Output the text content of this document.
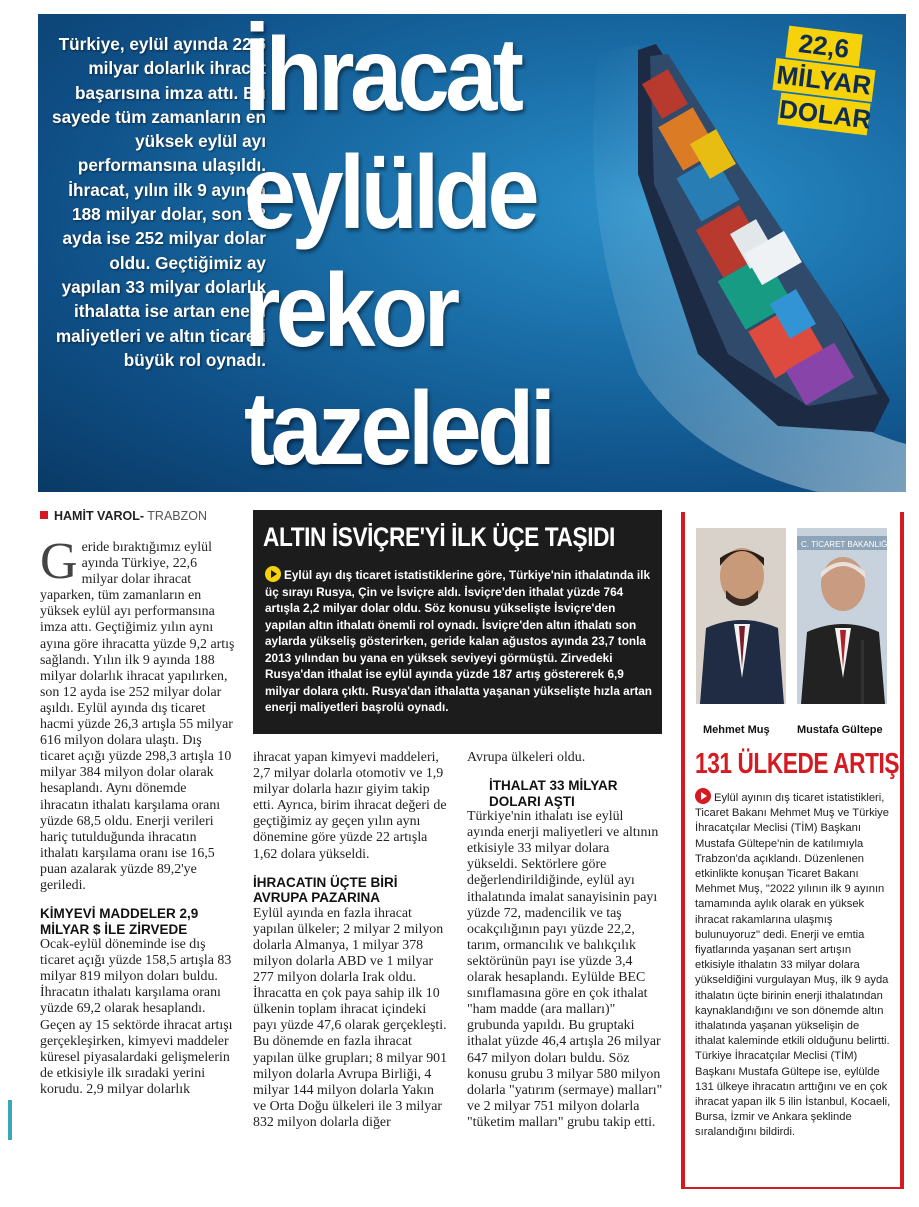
Türkiye, eylül ayında 22,6 milyar dolarlık ihracat başarısına imza attı. Bu sayede tüm zamanların en yüksek eylül ayı performansına ulaşıldı. İhracat, yılın ilk 9 ayında 188 milyar dolar, son 12 ayda ise 252 milyar dolar oldu. Geçtiğimiz ay yapılan 33 milyar dolarlık ithalatta ise artan enerji maliyetleri ve altın ticareti büyük rol oynadı.
İhracat
eylülde
rekor
tazeledi
22,6
MİLYAR
DOLAR
HAMİT VAROL- TRABZON

Geride bıraktığımız eylül ayında Türkiye, 22,6 milyar dolar ihracat yaparken, tüm zamanların en yüksek eylül ayı performansına imza attı. Geçtiğimiz yılın aynı ayına göre ihracatta yüzde 9,2 artış sağlandı. Yılın ilk 9 ayında 188 milyar dolarlık ihracat yapılırken, son 12 ayda ise 252 milyar dolar aşıldı. Eylül ayında dış ticaret hacmi yüzde 26,3 artışla 55 milyar 616 milyon dolara ulaştı. Dış ticaret açığı yüzde 298,3 artışla 10 milyar 384 milyon dolar olarak hesaplandı. Aynı dönemde ihracatın ithalatı karşılama oranı yüzde 68,5 oldu. Enerji verileri hariç tutulduğunda ihracatın ithalatı karşılama oranı ise 16,5 puan azalarak yüzde 89,2'ye geriledi.

KİMYEVİ MADDELER 2,9 MİLYAR $ İLE ZİRVEDE

Ocak-eylül döneminde ise dış ticaret açığı yüzde 158,5 artışla 83 milyar 819 milyon doları buldu. İhracatın ithalatı karşılama oranı yüzde 69,2 olarak hesaplandı. Geçen ay 15 sektörde ihracat artışı gerçekleşirken, kimyevi maddeler küresel piyasalardaki gelişmelerin de etkisiyle ilk sıradaki yerini korudu. 2,9 milyar dolarlık

ALTIN İSVİÇRE'Yİ İLK ÜÇE TAŞIDI
Eylül ayı dış ticaret istatistiklerine göre, Türkiye'nin ithalatında ilk üç sırayı Rusya, Çin ve İsviçre aldı. İsviçre'den ithalat yüzde 764 artışla 2,2 milyar dolar oldu. Söz konusu yükselişte İsviçre'den yapılan altın ithalatı önemli rol oynadı. İsviçre'den altın ithalatı son aylarda yükseliş gösterirken, geride kalan ağustos ayında 23,7 tonla 2013 yılından bu yana en yüksek seviyeyi görmüştü. Zirvedeki Rusya'dan ithalat ise eylül ayında yüzde 187 artış göstererek 6,9 milyar dolara çıktı. Rusya'dan ithalatta yaşanan yükselişte hızla artan enerji maliyetleri başrolü oynadı.

ihracat yapan kimyevi maddeleri, 2,7 milyar dolarla otomotiv ve 1,9 milyar dolarla hazır giyim takip etti. Ayrıca, birim ihracat değeri de geçtiğimiz ay geçen yılın aynı dönemine göre yüzde 22 artışla 1,62 dolara yükseldi.

İHRACATIN ÜÇTE BİRİ AVRUPA PAZARINA

Eylül ayında en fazla ihracat yapılan ülkeler; 2 milyar 2 milyon dolarla Almanya, 1 milyar 378 milyon dolarla ABD ve 1 milyar 277 milyon dolarla Irak oldu. İhracatta en çok paya sahip ilk 10 ülkenin toplam ihracat içindeki payı yüzde 47,6 olarak gerçekleşti. Bu dönemde en fazla ihracat yapılan ülke grupları; 8 milyar 901 milyon dolarla Avrupa Birliği, 4 milyar 144 milyon dolarla Yakın ve Orta Doğu ülkeleri ile 3 milyar 832 milyon dolarla diğer

Avrupa ülkeleri oldu.

İTHALAT 33 MİLYAR DOLARI AŞTI

Türkiye'nin ithalatı ise eylül ayında enerji maliyetleri ve altının etkisiyle 33 milyar dolara yükseldi. Sektörlere göre değerlendirildiğinde, eylül ayı ithalatında imalat sanayisinin payı yüzde 72, madencilik ve taş ocakçılığının payı yüzde 22,2, tarım, ormancılık ve balıkçılık sektörünün payı ise yüzde 3,4 olarak hesaplandı. Eylülde BEC sınıflamasına göre en çok ithalat "ham madde (ara malları)" grubunda yapıldı. Bu gruptaki ithalat yüzde 46,4 artışla 26 milyar 647 milyon doları buldu. Söz konusu grubu 3 milyar 580 milyon dolarla "yatırım (sermaye) malları" ve 2 milyar 751 milyon dolarla "tüketim malları" grubu takip etti.

C. TİCARET BAKANLIĞ
Mehmet Muş Mustafa Gültepe
131 ÜLKEDE ARTIŞ
Eylül ayının dış ticaret istatistikleri, Ticaret Bakanı Mehmet Muş ve Türkiye İhracatçılar Meclisi (TİM) Başkanı Mustafa Gültepe'nin de katılımıyla Trabzon'da açıklandı. Düzenlenen etkinlikte konuşan Ticaret Bakanı Mehmet Muş, "2022 yılının ilk 9 ayının tamamında aylık olarak en yüksek ihracat rakamlarına ulaşmış bulunuyoruz" dedi. Enerji ve emtia fiyatlarında yaşanan sert artışın etkisiyle ithalatın 33 milyar dolara yükseldiğini vurgulayan Muş, ilk 9 ayda ithalatın üçte birinin enerji ithalatından kaynaklandığını ve son dönemde altın ithalatında yaşanan yükselişin de ithalat kaleminde etkili olduğunu belirtti. Türkiye İhracatçılar Meclisi (TİM) Başkanı Mustafa Gültepe ise, eylülde 131 ülkeye ihracatın arttığını ve en çok ihracat yapan ilk 5 ilin İstanbul, Kocaeli, Bursa, İzmir ve Ankara şeklinde sıralandığını bildirdi.
